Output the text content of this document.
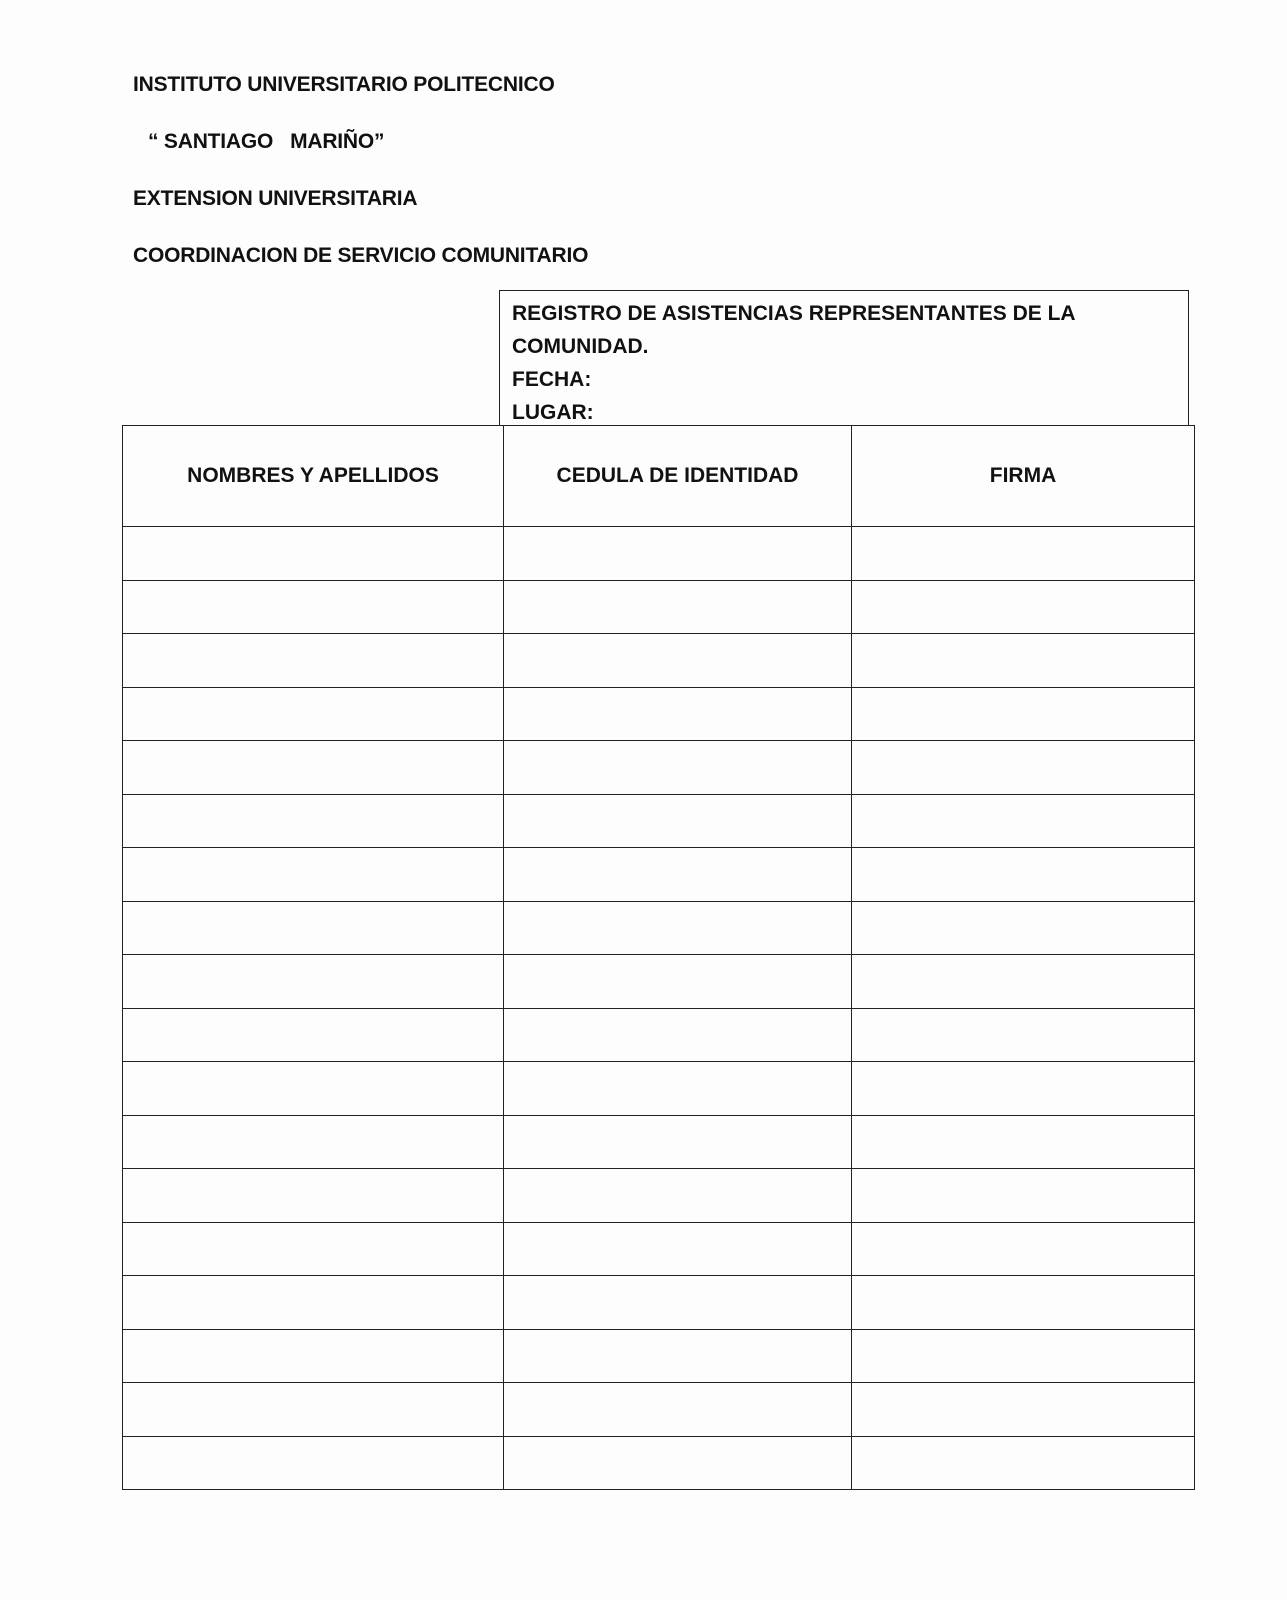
INSTITUTO UNIVERSITARIO POLITECNICO
“ SANTIAGO   MARIÑO”
EXTENSION UNIVERSITARIA
COORDINACION DE SERVICIO COMUNITARIO
REGISTRO DE ASISTENCIAS REPRESENTANTES DE LA
COMUNIDAD.
FECHA:
LUGAR:
NOMBRES Y APELLIDOS	CEDULA DE IDENTIDAD	FIRMA
